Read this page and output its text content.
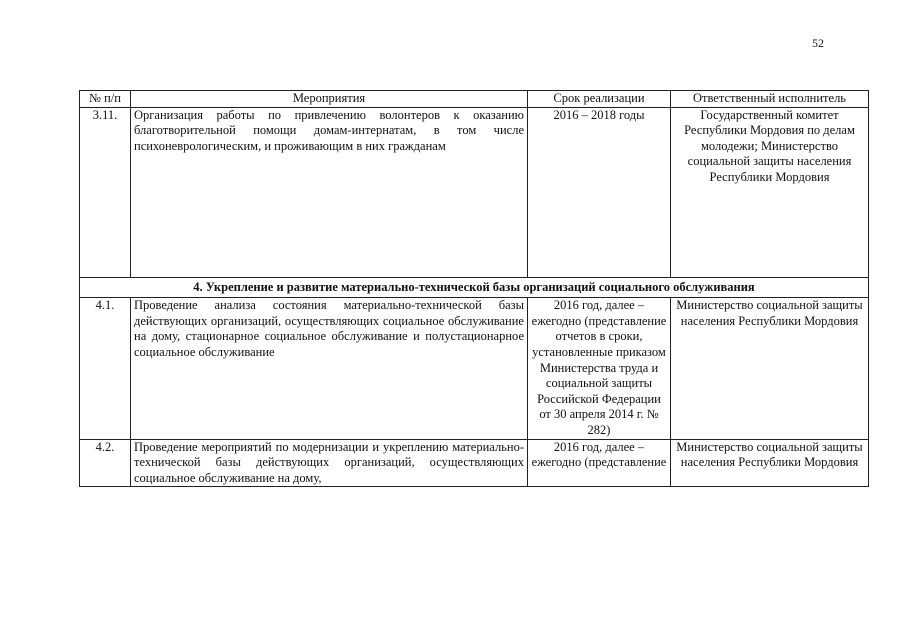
52
№ п/п	Мероприятия	Срок реализации	Ответственный исполнитель
3.11.	Организация работы по привлечению волонтеров к оказанию благотворительной помощи домам-интернатам, в том числе психоневрологическим, и проживающим в них гражданам	2016 – 2018 годы	Государственный комитет Республики Мордовия по делам молодежи; Министерство социальной защиты населения Республики Мордовия
4. Укрепление и развитие материально-технической базы организаций социального обслуживания			
4.1.	Проведение анализа состояния материально-технической базы действующих организаций, осуществляющих социальное обслуживание на дому, стационарное социальное обслуживание и полустационарное социальное обслуживание	2016 год, далее – ежегодно (представление отчетов в сроки, установленные приказом Министерства труда и социальной защиты Российской Федерации от 30 апреля 2014 г. № 282)	Министерство социальной защиты населения Республики Мордовия
4.2.	Проведение мероприятий по модернизации и укреплению материально-технической базы действующих организаций, осуществляющих социальное обслуживание на дому,	2016 год, далее – ежегодно (представление	Министерство социальной защиты населения Республики Мордовия
